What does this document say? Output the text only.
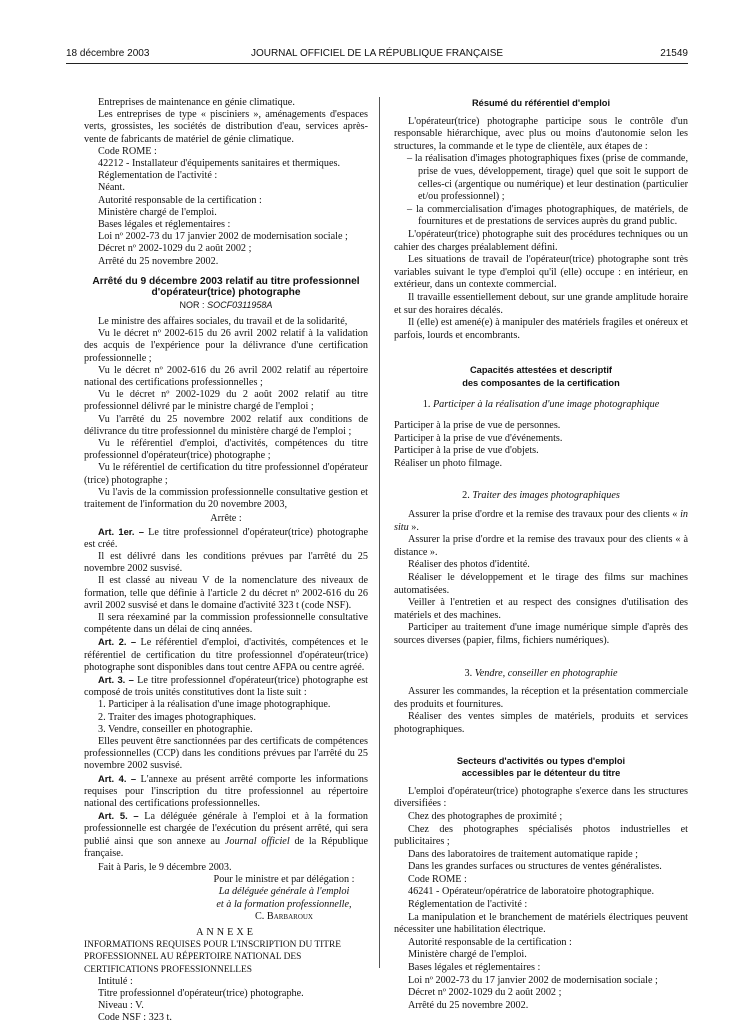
18 décembre 2003	JOURNAL OFFICIEL DE LA RÉPUBLIQUE FRANÇAISE	21549

Entreprises de maintenance en génie climatique.

Les entreprises de type « pisciniers », aménagements d'espaces verts, grossistes, les sociétés de distribution d'eau, services après-vente de fabricants de matériel de génie climatique.

Code ROME :

42212 - Installateur d'équipements sanitaires et thermiques.

Réglementation de l'activité :

Néant.

Autorité responsable de la certification :

Ministère chargé de l'emploi.

Bases légales et réglementaires :

Loi nº 2002-73 du 17 janvier 2002 de modernisation sociale ;

Décret nº 2002-1029 du 2 août 2002 ;

Arrêté du 25 novembre 2002.

Arrêté du 9 décembre 2003 relatif au titre professionnel d'opérateur(trice) photographe

NOR : SOCF0311958A

Le ministre des affaires sociales, du travail et de la solidarité,

Vu le décret nº 2002-615 du 26 avril 2002 relatif à la validation des acquis de l'expérience pour la délivrance d'une certification professionnelle ;

Vu le décret nº 2002-616 du 26 avril 2002 relatif au répertoire national des certifications professionnelles ;

Vu le décret nº 2002-1029 du 2 août 2002 relatif au titre professionnel délivré par le ministre chargé de l'emploi ;

Vu l'arrêté du 25 novembre 2002 relatif aux conditions de délivrance du titre professionnel du ministère chargé de l'emploi ;

Vu le référentiel d'emploi, d'activités, compétences du titre professionnel d'opérateur(trice) photographe ;

Vu le référentiel de certification du titre professionnel d'opérateur (trice) photographe ;

Vu l'avis de la commission professionnelle consultative gestion et traitement de l'information du 20 novembre 2003,

Arrête :

Art. 1er. – Le titre professionnel d'opérateur(trice) photographe est créé.

Il est délivré dans les conditions prévues par l'arrêté du 25 novembre 2002 susvisé.

Il est classé au niveau V de la nomenclature des niveaux de formation, telle que définie à l'article 2 du décret nº 2002-616 du 26 avril 2002 susvisé et dans le domaine d'activité 323 t (code NSF).

Il sera réexaminé par la commission professionnelle consultative compétente dans un délai de cinq années.

Art. 2. – Le référentiel d'emploi, d'activités, compétences et le référentiel de certification du titre professionnel d'opérateur(trice) photographe sont disponibles dans tout centre AFPA ou centre agréé.

Art. 3. – Le titre professionnel d'opérateur(trice) photographe est composé de trois unités constitutives dont la liste suit :

1. Participer à la réalisation d'une image photographique.

2. Traiter des images photographiques.

3. Vendre, conseiller en photographie.

Elles peuvent être sanctionnées par des certificats de compétences professionnelles (CCP) dans les conditions prévues par l'arrêté du 25 novembre 2002 susvisé.

Art. 4. – L'annexe au présent arrêté comporte les informations requises pour l'inscription du titre professionnel au répertoire national des certifications professionnelles.

Art. 5. – La déléguée générale à l'emploi et à la formation professionnelle est chargée de l'exécution du présent arrêté, qui sera publié ainsi que son annexe au Journal officiel de la République française.

Fait à Paris, le 9 décembre 2003.

Pour le ministre et par délégation :

La déléguée générale à l'emploi

et à la formation professionnelle,

C. Barbaroux

ANNEXE

INFORMATIONS REQUISES POUR L'INSCRIPTION DU TITRE PROFESSIONNEL AU RÉPERTOIRE NATIONAL DES CERTIFICATIONS PROFESSIONNELLES

Intitulé :

Titre professionnel d'opérateur(trice) photographe.

Niveau : V.

Code NSF : 323 t.

Résumé du référentiel d'emploi

L'opérateur(trice) photographe participe sous le contrôle d'un responsable hiérarchique, avec plus ou moins d'autonomie selon les structures, la commande et le type de clientèle, aux étapes de :

– la réalisation d'images photographiques fixes (prise de commande, prise de vues, développement, tirage) quel que soit le support de celles-ci (argentique ou numérique) et leur destination (particulier et/ou professionnel) ;

– la commercialisation d'images photographiques, de matériels, de fournitures et de prestations de services auprès du grand public.

L'opérateur(trice) photographe suit des procédures techniques ou un cahier des charges préalablement défini.

Les situations de travail de l'opérateur(trice) photographe sont très variables suivant le type d'emploi qu'il (elle) occupe : en intérieur, en extérieur, dans un contexte commercial.

Il travaille essentiellement debout, sur une grande amplitude horaire et sur des horaires décalés.

Il (elle) est amené(e) à manipuler des matériels fragiles et onéreux et parfois, lourds et encombrants.

Capacités attestées et descriptif

des composantes de la certification

1. Participer à la réalisation d'une image photographique

Participer à la prise de vue de personnes.

Participer à la prise de vue d'événements.

Participer à la prise de vue d'objets.

Réaliser un photo filmage.

2. Traiter des images photographiques

Assurer la prise d'ordre et la remise des travaux pour des clients « in situ ».

Assurer la prise d'ordre et la remise des travaux pour des clients « à distance ».

Réaliser des photos d'identité.

Réaliser le développement et le tirage des films sur machines automatisées.

Veiller à l'entretien et au respect des consignes d'utilisation des matériels et des machines.

Participer au traitement d'une image numérique simple d'après des sources diverses (papier, films, fichiers numériques).

3. Vendre, conseiller en photographie

Assurer les commandes, la réception et la présentation commerciale des produits et fournitures.

Réaliser des ventes simples de matériels, produits et services photographiques.

Secteurs d'activités ou types d'emploi

accessibles par le détenteur du titre

L'emploi d'opérateur(trice) photographe s'exerce dans les structures diversifiées :

Chez des photographes de proximité ;

Chez des photographes spécialisés photos industrielles et publicitaires ;

Dans des laboratoires de traitement automatique rapide ;

Dans les grandes surfaces ou structures de ventes généralistes.

Code ROME :

46241 - Opérateur/opératrice de laboratoire photographique.

Réglementation de l'activité :

La manipulation et le branchement de matériels électriques peuvent nécessiter une habilitation électrique.

Autorité responsable de la certification :

Ministère chargé de l'emploi.

Bases légales et réglementaires :

Loi nº 2002-73 du 17 janvier 2002 de modernisation sociale ;

Décret nº 2002-1029 du 2 août 2002 ;

Arrêté du 25 novembre 2002.
